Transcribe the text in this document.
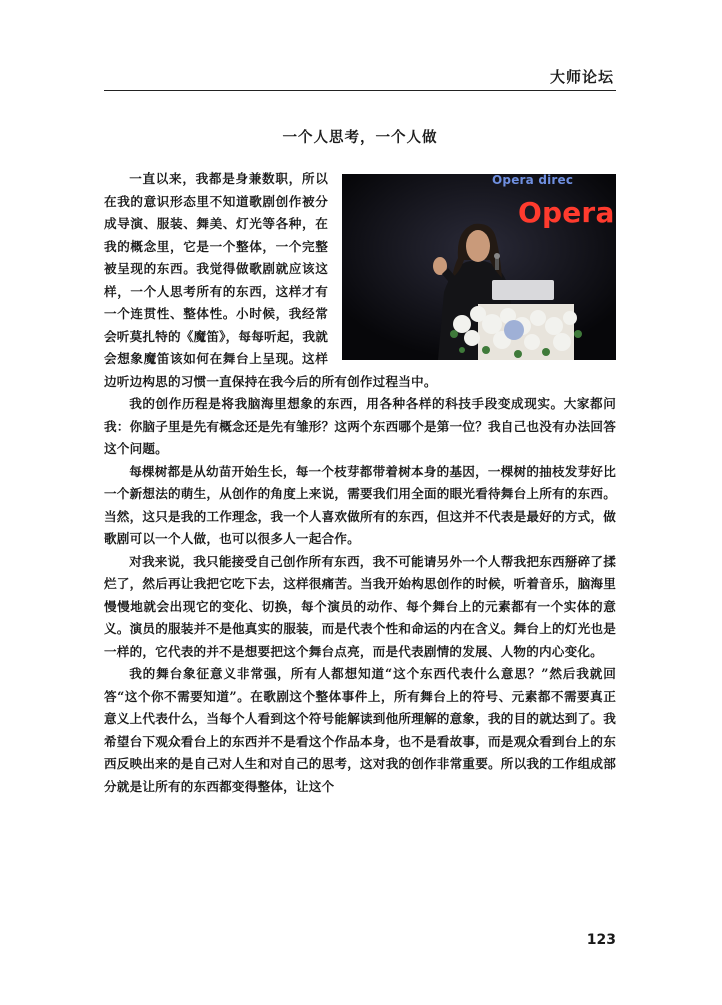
大师论坛
一个人思考，一个人做
Opera direc
Opera

一直以来，我都是身兼数职，所以在我的意识形态里不知道歌剧创作被分成导演、服装、舞美、灯光等各种，在我的概念里，它是一个整体，一个完整被呈现的东西。我觉得做歌剧就应该这样，一个人思考所有的东西，这样才有一个连贯性、整体性。小时候，我经常会听莫扎特的《魔笛》，每每听起，我就会想象魔笛该如何在舞台上呈现。这样边听边构思的习惯一直保持在我今后的所有创作过程当中。

我的创作历程是将我脑海里想象的东西，用各种各样的科技手段变成现实。大家都问我：你脑子里是先有概念还是先有雏形？这两个东西哪个是第一位？我自己也没有办法回答这个问题。

每棵树都是从幼苗开始生长，每一个枝芽都带着树本身的基因，一棵树的抽枝发芽好比一个新想法的萌生，从创作的角度上来说，需要我们用全面的眼光看待舞台上所有的东西。当然，这只是我的工作理念，我一个人喜欢做所有的东西，但这并不代表是最好的方式，做歌剧可以一个人做，也可以很多人一起合作。

对我来说，我只能接受自己创作所有东西，我不可能请另外一个人帮我把东西掰碎了揉烂了，然后再让我把它吃下去，这样很痛苦。当我开始构思创作的时候，听着音乐，脑海里慢慢地就会出现它的变化、切换，每个演员的动作、每个舞台上的元素都有一个实体的意义。演员的服装并不是他真实的服装，而是代表个性和命运的内在含义。舞台上的灯光也是一样的，它代表的并不是想要把这个舞台点亮，而是代表剧情的发展、人物的内心变化。

我的舞台象征意义非常强，所有人都想知道“这个东西代表什么意思？”然后我就回答“这个你不需要知道”。在歌剧这个整体事件上，所有舞台上的符号、元素都不需要真正意义上代表什么，当每个人看到这个符号能解读到他所理解的意象，我的目的就达到了。我希望台下观众看台上的东西并不是看这个作品本身，也不是看故事，而是观众看到台上的东西反映出来的是自己对人生和对自己的思考，这对我的创作非常重要。所以我的工作组成部分就是让所有的东西都变得整体，让这个

123
